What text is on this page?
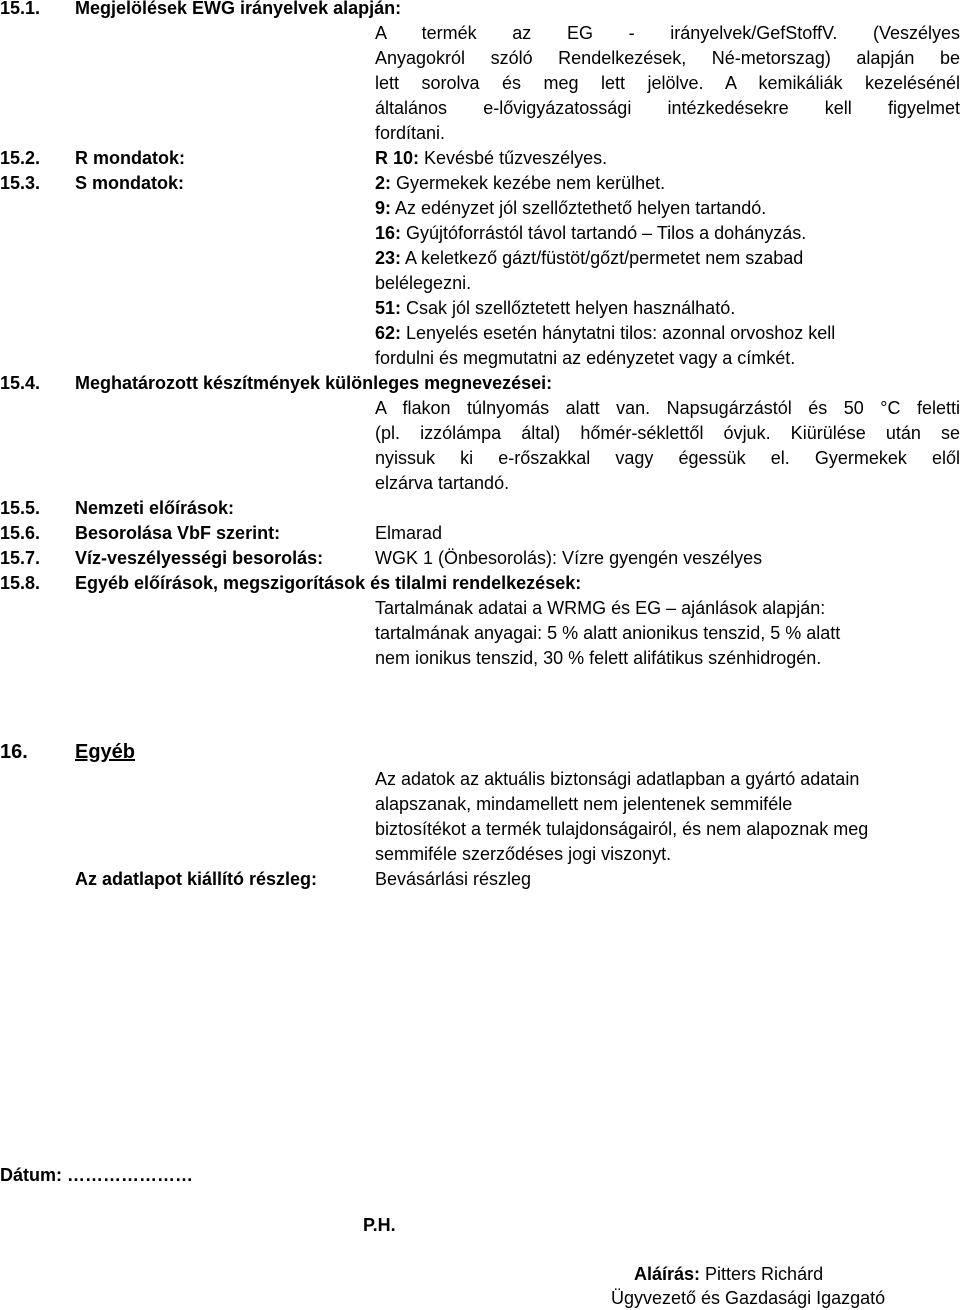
15.1. Megjelölések EWG irányelvek alapján:
A termék az EG - irányelvek/GefStoffV. (Veszélyes
Anyagokról szóló Rendelkezések, Né-metorszag) alapján be
lett sorolva és meg lett jelölve. A kemikáliák kezelésénél
általános e-lővigyázatossági intézkedésekre kell figyelmet
fordítani.
15.2. R mondatok:	R 10: Kevésbé tűzveszélyes.
15.3. S mondatok:	2: Gyermekek kezébe nem kerülhet.
9: Az edényzet jól szellőztethető helyen tartandó.
16: Gyújtóforrástól távol tartandó – Tilos a dohányzás.
23: A keletkező gázt/füstöt/gőzt/permetet nem szabad
belélegezni.
51: Csak jól szellőztetett helyen használható.
62: Lenyelés esetén hánytatni tilos: azonnal orvoshoz kell
fordulni és megmutatni az edényzetet vagy a címkét.
15.4. Meghatározott készítmények különleges megnevezései:
A flakon túlnyomás alatt van. Napsugárzástól és 50 °C feletti
(pl. izzólámpa által) hőmér-séklettől óvjuk. Kiürülése után se
nyissuk ki e-rőszakkal vagy égessük el. Gyermekek elől
elzárva tartandó.
15.5. Nemzeti előírások:
15.6. Besorolása VbF szerint:	Elmarad
15.7. Víz-veszélyességi besorolás:	WGK 1 (Önbesorolás): Vízre gyengén veszélyes
15.8. Egyéb előírások, megszigorítások és tilalmi rendelkezések:
Tartalmának adatai a WRMG és EG – ajánlások alapján:
tartalmának anyagai: 5 % alatt anionikus tenszid, 5 % alatt
nem ionikus tenszid, 30 % felett alifátikus szénhidrogén.
16. Egyéb
Az adatok az aktuális biztonsági adatlapban a gyártó adatain
alapszanak, mindamellett nem jelentenek semmiféle
biztosítékot a termék tulajdonságairól, és nem alapoznak meg
semmiféle szerződéses jogi viszonyt.
Az adatlapot kiállító részleg:	Bevásárlási részleg
Dátum: …………………
P.H.
Aláírás: Pitters Richárd
Ügyvezető és Gazdasági Igazgató
